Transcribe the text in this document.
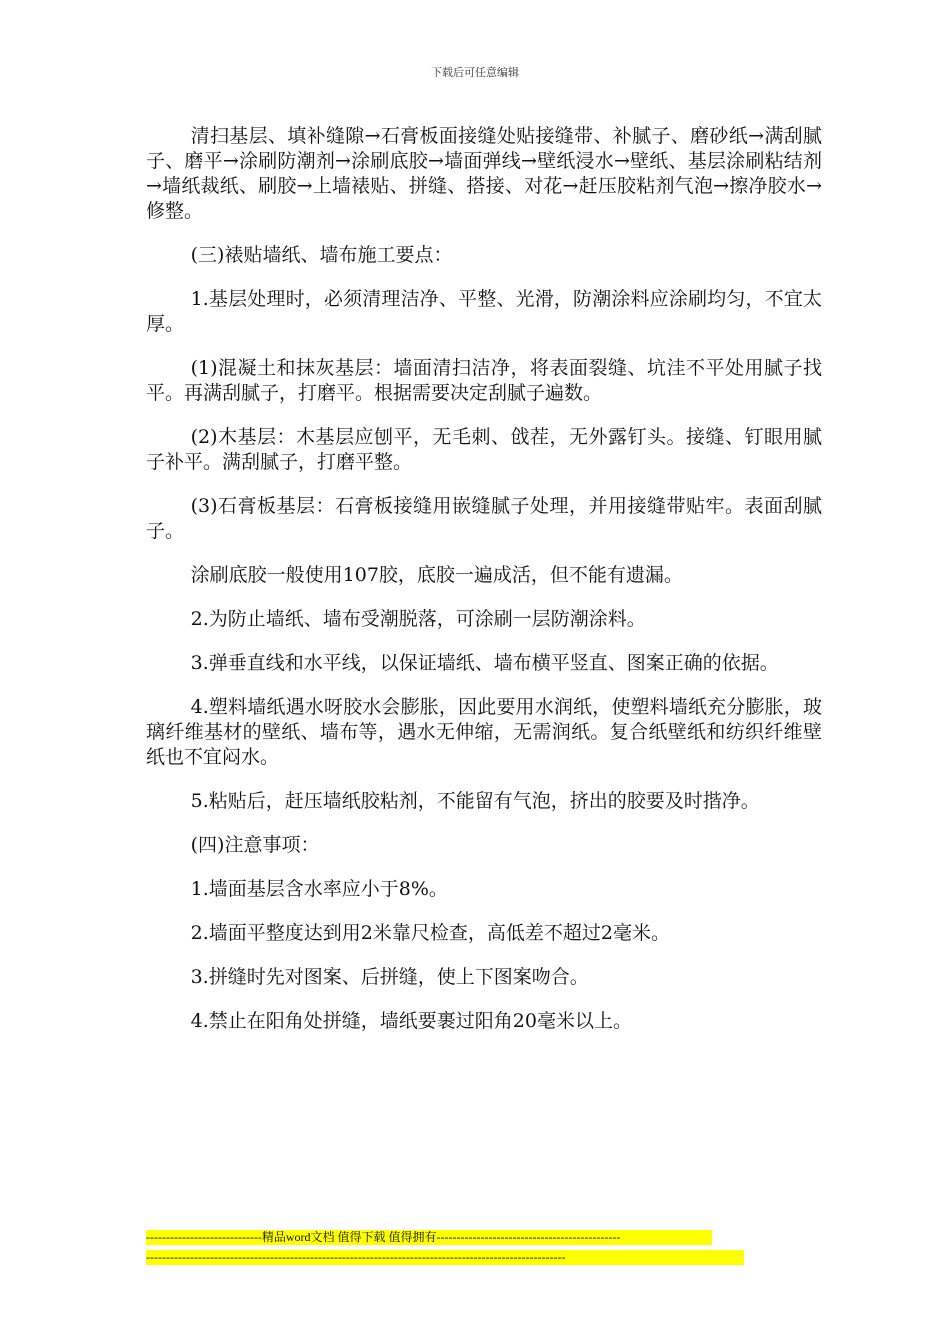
下载后可任意编辑

清扫基层、填补缝隙→石膏板面接缝处贴接缝带、补腻子、磨砂纸→满刮腻子、磨平→涂刷防潮剂→涂刷底胶→墙面弹线→壁纸浸水→壁纸、基层涂刷粘结剂→墙纸裁纸、刷胶→上墙裱贴、拼缝、搭接、对花→赶压胶粘剂气泡→擦净胶水→修整。

(三)裱贴墙纸、墙布施工要点：

1.基层处理时，必须清理洁净、平整、光滑，防潮涂料应涂刷均匀，不宜太厚。

(1)混凝土和抹灰基层：墙面清扫洁净，将表面裂缝、坑洼不平处用腻子找平。再满刮腻子，打磨平。根据需要决定刮腻子遍数。

(2)木基层：木基层应刨平，无毛刺、戗茬，无外露钉头。接缝、钉眼用腻子补平。满刮腻子，打磨平整。

(3)石膏板基层：石膏板接缝用嵌缝腻子处理，并用接缝带贴牢。表面刮腻子。

涂刷底胶一般使用107胶，底胶一遍成活，但不能有遗漏。

2.为防止墙纸、墙布受潮脱落，可涂刷一层防潮涂料。

3.弹垂直线和水平线，以保证墙纸、墙布横平竖直、图案正确的依据。

4.塑料墙纸遇水呀胶水会膨胀，因此要用水润纸，使塑料墙纸充分膨胀，玻璃纤维基材的壁纸、墙布等，遇水无伸缩，无需润纸。复合纸壁纸和纺织纤维壁纸也不宜闷水。

5.粘贴后，赶压墙纸胶粘剂，不能留有气泡，挤出的胶要及时揩净。

(四)注意事项：

1.墙面基层含水率应小于8%。

2.墙面平整度达到用2米靠尺检查，高低差不超过2毫米。

3.拼缝时先对图案、后拼缝，使上下图案吻合。

4.禁止在阳角处拼缝，墙纸要裹过阳角20毫米以上。

-----------------------------精品word文档 值得下载 值得拥有----------------------------------------------
---------------------------------------------------------------------------------------------------------
